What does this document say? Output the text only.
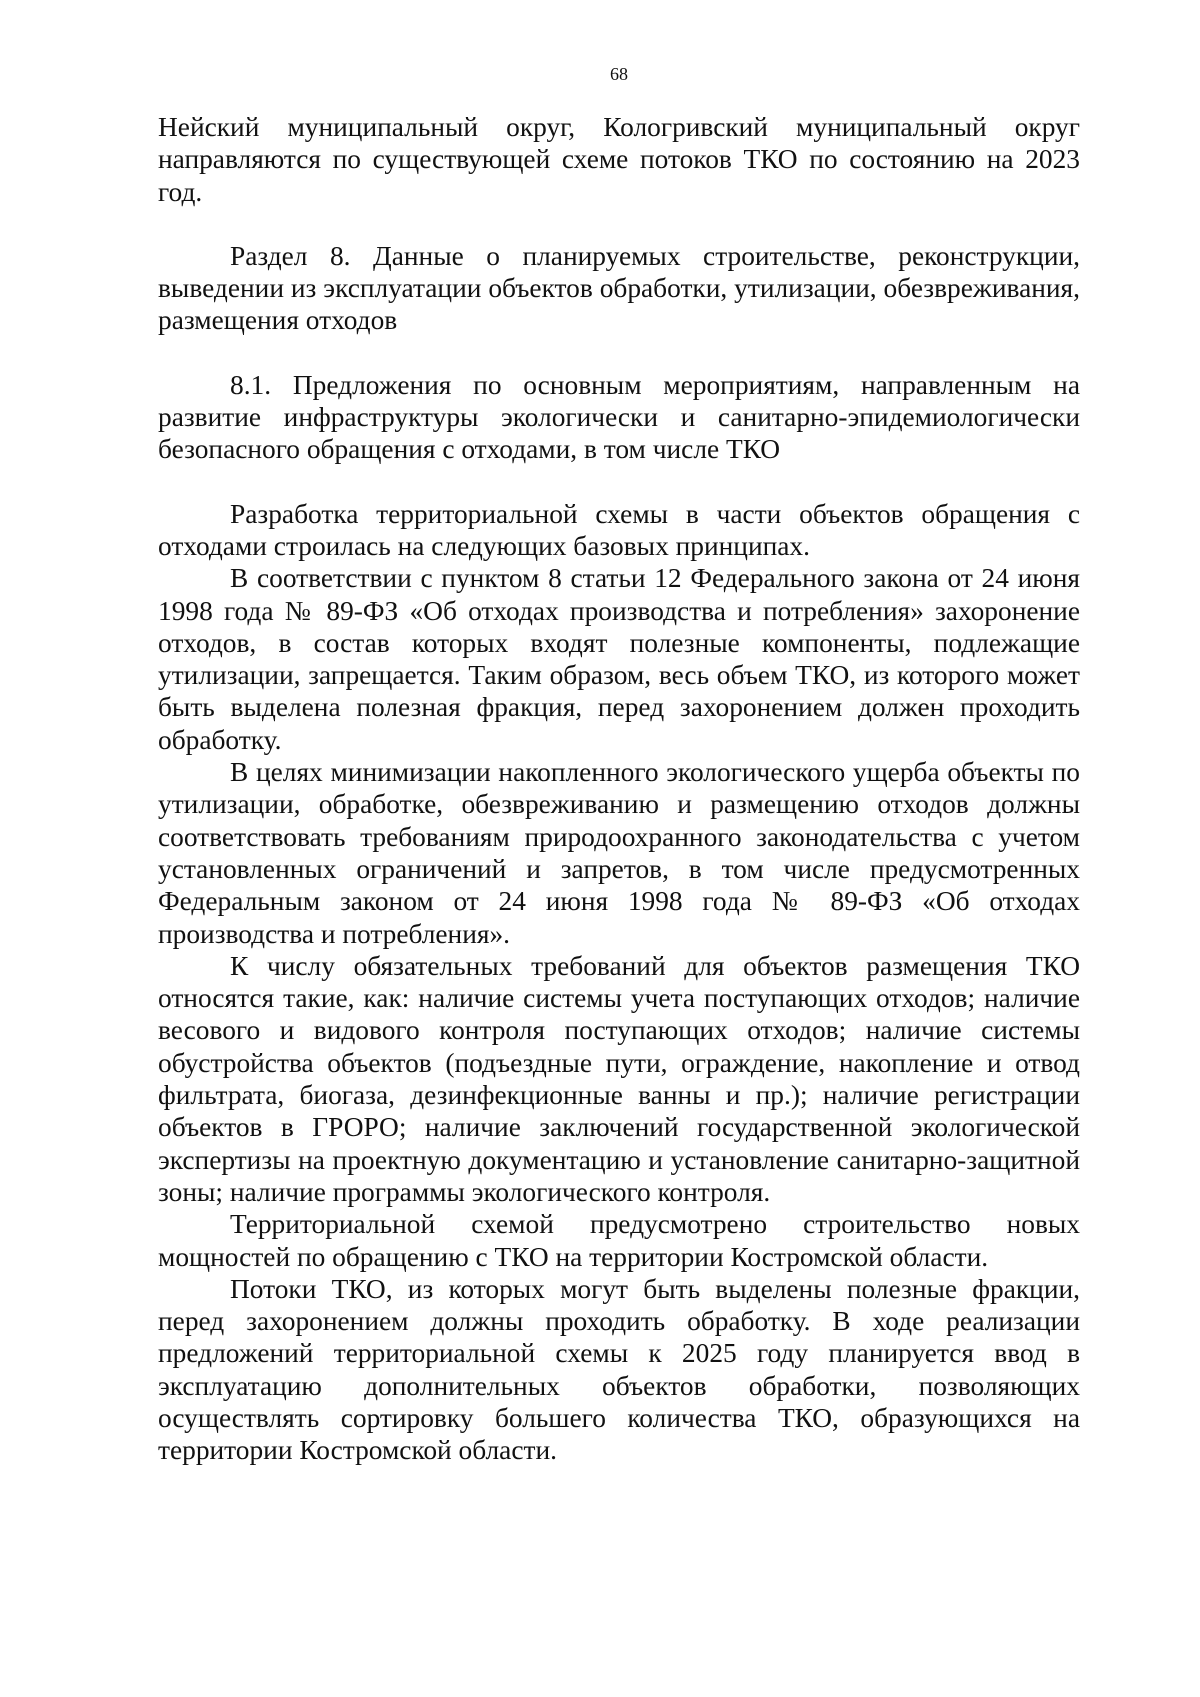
68

Нейский муниципальный округ, Кологривский муниципальный округ направляются по существующей схеме потоков ТКО по состоянию на 2023 год.

Раздел 8. Данные о планируемых строительстве, реконструкции, выведении из эксплуатации объектов обработки, утилизации, обезвреживания, размещения отходов

8.1. Предложения по основным мероприятиям, направленным на развитие инфраструктуры экологически и санитарно-эпидемиологически безопасного обращения с отходами, в том числе ТКО

Разработка территориальной схемы в части объектов обращения с отходами строилась на следующих базовых принципах.

В соответствии с пунктом 8 статьи 12 Федерального закона от 24 июня 1998 года № 89-ФЗ «Об отходах производства и потребления» захоронение отходов, в состав которых входят полезные компоненты, подлежащие утилизации, запрещается. Таким образом, весь объем ТКО, из которого может быть выделена полезная фракция, перед захоронением должен проходить обработку.

В целях минимизации накопленного экологического ущерба объекты по утилизации, обработке, обезвреживанию и размещению отходов должны соответствовать требованиям природоохранного законодательства с учетом установленных ограничений и запретов, в том числе предусмотренных Федеральным законом от 24 июня 1998 года № 89-ФЗ «Об отходах производства и потребления».

К числу обязательных требований для объектов размещения ТКО относятся такие, как: наличие системы учета поступающих отходов; наличие весового и видового контроля поступающих отходов; наличие системы обустройства объектов (подъездные пути, ограждение, накопление и отвод фильтрата, биогаза, дезинфекционные ванны и пр.); наличие регистрации объектов в ГРОРО; наличие заключений государственной экологической экспертизы на проектную документацию и установление санитарно-защитной зоны; наличие программы экологического контроля.

Территориальной схемой предусмотрено строительство новых мощностей по обращению с ТКО на территории Костромской области.

Потоки ТКО, из которых могут быть выделены полезные фракции, перед захоронением должны проходить обработку. В ходе реализации предложений территориальной схемы к 2025 году планируется ввод в эксплуатацию дополнительных объектов обработки, позволяющих осуществлять сортировку большего количества ТКО, образующихся на территории Костромской области.
